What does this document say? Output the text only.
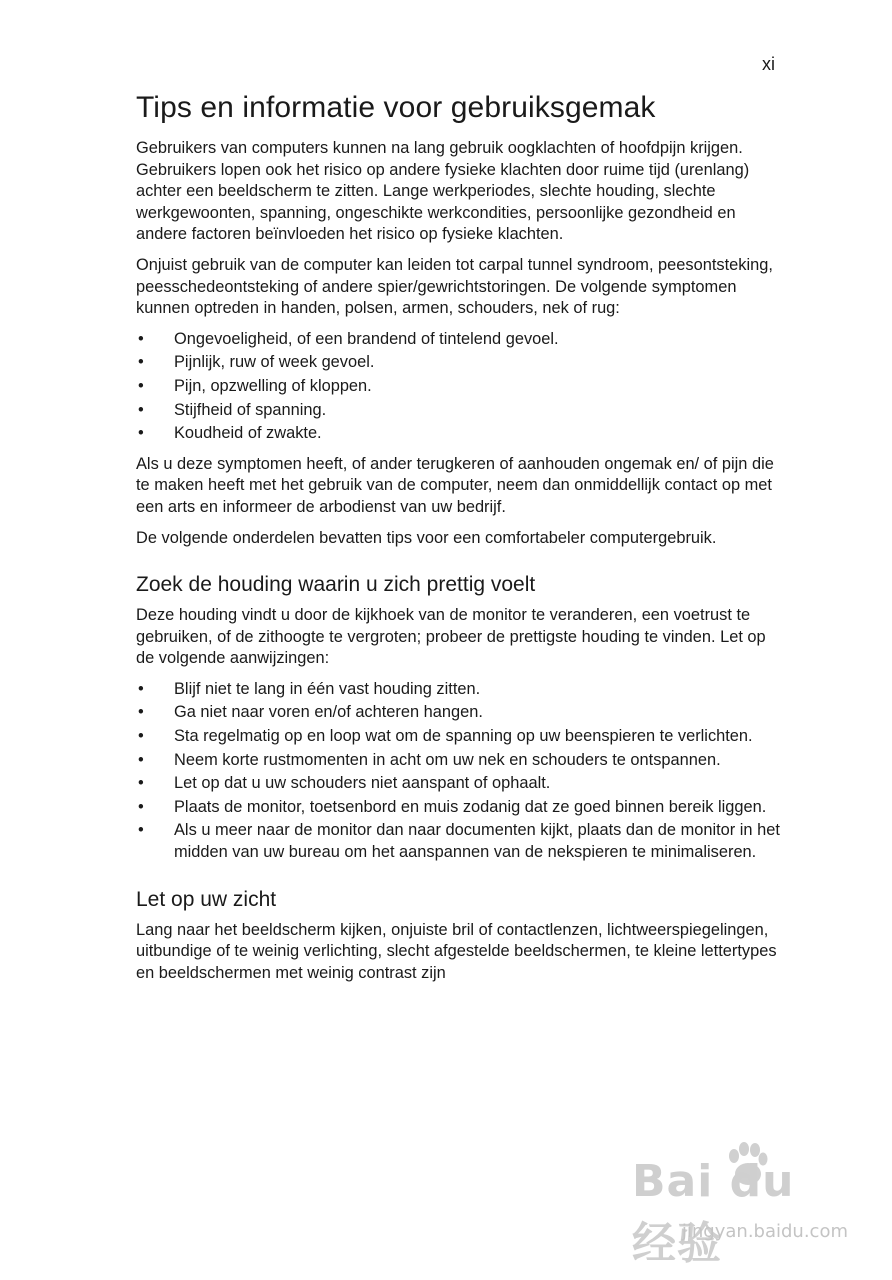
xi
Tips en informatie voor gebruiksgemak

Gebruikers van computers kunnen na lang gebruik oogklachten of hoofdpijn krijgen. Gebruikers lopen ook het risico op andere fysieke klachten door ruime tijd (urenlang) achter een beeldscherm te zitten. Lange werkperiodes, slechte houding, slechte werkgewoonten, spanning, ongeschikte werkcondities, persoonlijke gezondheid en andere factoren beïnvloeden het risico op fysieke klachten.

Onjuist gebruik van de computer kan leiden tot carpal tunnel syndroom, peesontsteking, peesschedeontsteking of andere spier/gewrichtstoringen. De volgende symptomen kunnen optreden in handen, polsen, armen, schouders, nek of rug:

• Ongevoeligheid, of een brandend of tintelend gevoel.
• Pijnlijk, ruw of week gevoel.
• Pijn, opzwelling of kloppen.
• Stijfheid of spanning.
• Koudheid of zwakte.

Als u deze symptomen heeft, of ander terugkeren of aanhouden ongemak en/ of pijn die te maken heeft met het gebruik van de computer, neem dan onmiddellijk contact op met een arts en informeer de arbodienst van uw bedrijf.

De volgende onderdelen bevatten tips voor een comfortabeler computergebruik.

Zoek de houding waarin u zich prettig voelt

Deze houding vindt u door de kijkhoek van de monitor te veranderen, een voetrust te gebruiken, of de zithoogte te vergroten; probeer de prettigste houding te vinden. Let op de volgende aanwijzingen:

• Blijf niet te lang in één vast houding zitten.
• Ga niet naar voren en/of achteren hangen.
• Sta regelmatig op en loop wat om de spanning op uw beenspieren te verlichten.
• Neem korte rustmomenten in acht om uw nek en schouders te ontspannen.
• Let op dat u uw schouders niet aanspant of ophaalt.
• Plaats de monitor, toetsenbord en muis zodanig dat ze goed binnen bereik liggen.
• Als u meer naar de monitor dan naar documenten kijkt, plaats dan de monitor in het midden van uw bureau om het aanspannen van de nekspieren te minimaliseren.
Let op uw zicht

Lang naar het beeldscherm kijken, onjuiste bril of contactlenzen, lichtweerspiegelingen, uitbundige of te weinig verlichting, slecht afgestelde beeldschermen, te kleine lettertypes en beeldschermen met weinig contrast zijn

Bai du 经验
jingyan.baidu.com
